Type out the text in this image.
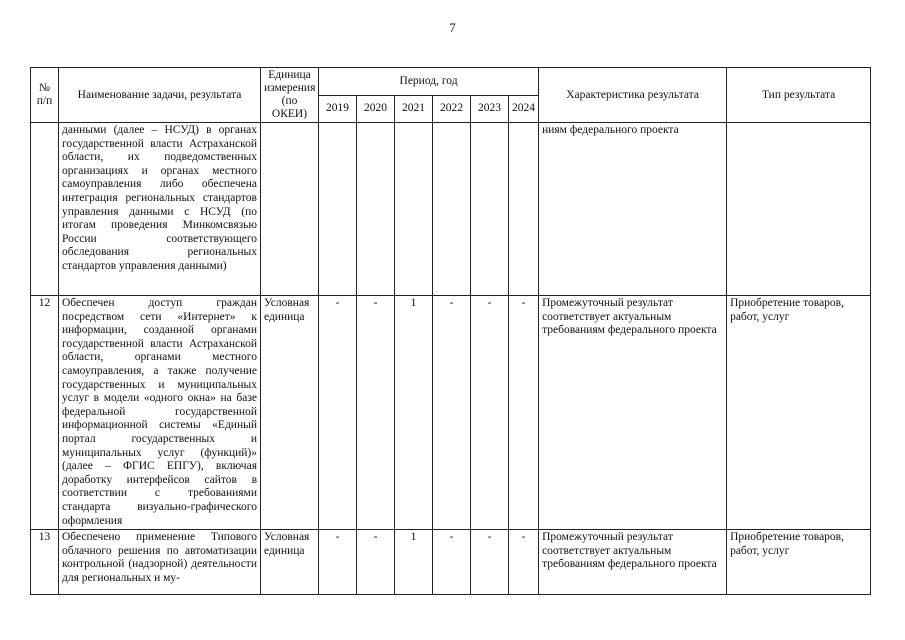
7
№ п/п	Наименование задачи, результата	Единица измерения (по ОКЕИ)	Период, год						Характеристика результата	Тип результата
			2019	2020	2021	2022	2023	2024		
	данными (далее – НСУД) в органах государственной власти Астраханской области, их подведомственных организациях и органах местного самоуправления либо обеспечена интеграция региональных стандартов управления данными с НСУД (по итогам проведения Минкомсвязью России соответствующего обследования региональных стандартов управления данными)								ниям федерального проекта	
12	Обеспечен доступ граждан посредством сети «Интернет» к информации, созданной органами государственной власти Астраханской области, органами местного самоуправления, а также получение государственных и муниципальных услуг в модели «одного окна» на базе федеральной государственной информационной системы «Единый портал государственных и муниципальных услуг (функций)» (далее – ФГИС ЕПГУ), включая доработку интерфейсов сайтов в соответствии с требованиями стандарта визуально-графического оформления	Условная единица	-	-	1	-	-	-	Промежуточный результат соответствует актуальным требованиям федерального проекта	Приобретение товаров, работ, услуг
13	Обеспечено применение Типового облачного решения по автоматизации контрольной (надзорной) деятельности для региональных и му-	Условная единица	-	-	1	-	-	-	Промежуточный результат соответствует актуальным требованиям федерального проекта	Приобретение товаров, работ, услуг
